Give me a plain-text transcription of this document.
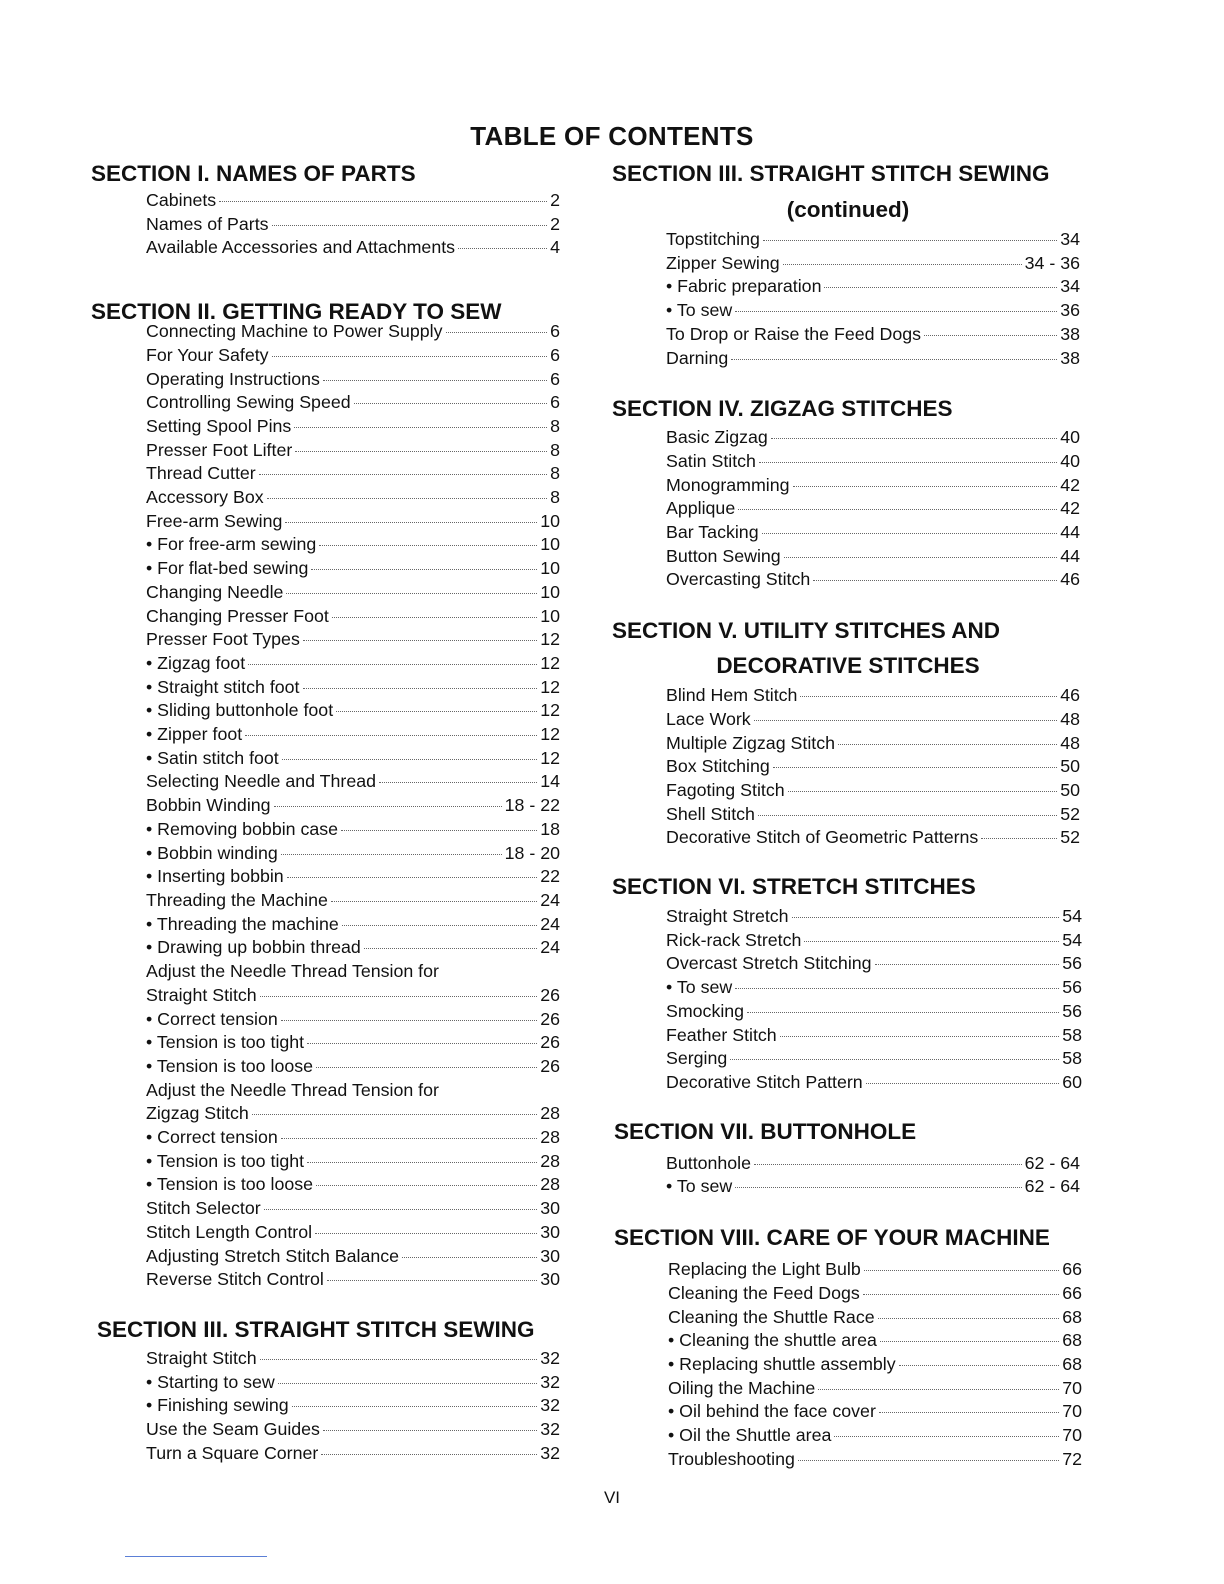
TABLE OF CONTENTS
SECTION I. NAMES OF PARTS
Cabinets	2
Names of Parts	2
Available Accessories and Attachments	4
SECTION II. GETTING READY TO SEW
Connecting Machine to Power Supply	6
For Your Safety	6
Operating Instructions	6
Controlling Sewing Speed	6
Setting Spool Pins	8
Presser Foot Lifter	8
Thread Cutter	8
Accessory Box	8
Free-arm Sewing	10
• For free-arm sewing	10
• For flat-bed sewing	10
Changing Needle	10
Changing Presser Foot	10
Presser Foot Types	12
• Zigzag foot	12
• Straight stitch foot	12
• Sliding buttonhole foot	12
• Zipper foot	12
• Satin stitch foot	12
Selecting Needle and Thread	14
Bobbin Winding	18 - 22
• Removing bobbin case	18
• Bobbin winding	18 - 20
• Inserting bobbin	22
Threading the Machine	24
• Threading the machine	24
• Drawing up bobbin thread	24
Adjust the Needle Thread Tension for
Straight Stitch	26
• Correct tension	26
• Tension is too tight	26
• Tension is too loose	26
Adjust the Needle Thread Tension for
Zigzag Stitch	28
• Correct tension	28
• Tension is too tight	28
• Tension is too loose	28
Stitch Selector	30
Stitch Length Control	30
Adjusting Stretch Stitch Balance	30
Reverse Stitch Control	30
SECTION III. STRAIGHT STITCH SEWING
Straight Stitch	32
• Starting to sew	32
• Finishing sewing	32
Use the Seam Guides	32
Turn a Square Corner	32
SECTION III. STRAIGHT STITCH SEWING
(continued)
Topstitching	34
Zipper Sewing	34 - 36
• Fabric preparation	34
• To sew	36
To Drop or Raise the Feed Dogs	38
Darning	38
SECTION IV. ZIGZAG STITCHES
Basic Zigzag	40
Satin Stitch	40
Monogramming	42
Applique	42
Bar Tacking	44
Button Sewing	44
Overcasting Stitch	46
SECTION V. UTILITY STITCHES AND
DECORATIVE STITCHES
Blind Hem Stitch	46
Lace Work	48
Multiple Zigzag Stitch	48
Box Stitching	50
Fagoting Stitch	50
Shell Stitch	52
Decorative Stitch of Geometric Patterns	52
SECTION VI. STRETCH STITCHES
Straight Stretch	54
Rick-rack Stretch	54
Overcast Stretch Stitching	56
• To sew	56
Smocking	56
Feather Stitch	58
Serging	58
Decorative Stitch Pattern	60
SECTION VII. BUTTONHOLE
Buttonhole	62 - 64
• To sew	62 - 64
SECTION VIII. CARE OF YOUR MACHINE
Replacing the Light Bulb	66
Cleaning the Feed Dogs	66
Cleaning the Shuttle Race	68
• Cleaning the shuttle area	68
• Replacing shuttle assembly	68
Oiling the Machine	70
• Oil behind the face cover	70
• Oil the Shuttle area	70
Troubleshooting	72
VI
